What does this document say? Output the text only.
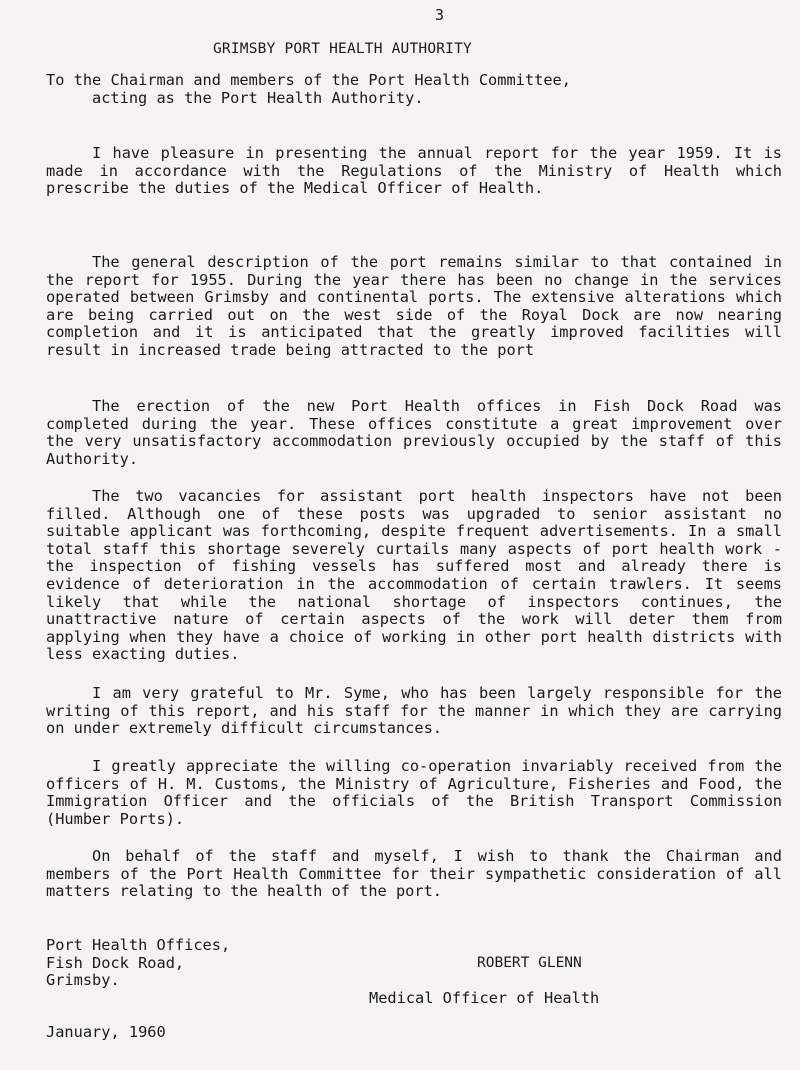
3

GRIMSBY PORT HEALTH AUTHORITY

To the Chairman and members of the Port Health Committee,
acting as the Port Health Authority.

I have pleasure in presenting the annual report for the year 1959. It is made in accordance with the Regulations of the Ministry of Health which prescribe the duties of the Medical Officer of Health.

The general description of the port remains similar to that contained in the report for 1955. During the year there has been no change in the services operated between Grimsby and continental ports. The extensive alterations which are being carried out on the west side of the Royal Dock are now nearing completion and it is anticipated that the greatly improved facilities will result in increased trade being attracted to the port

The erection of the new Port Health offices in Fish Dock Road was completed during the year. These offices constitute a great improvement over the very unsatisfactory accommodation previously occupied by the staff of this Authority.

The two vacancies for assistant port health inspectors have not been filled. Although one of these posts was upgraded to senior assistant no suitable applicant was forthcoming, despite frequent advertisements. In a small total staff this shortage severely curtails many aspects of port health work - the inspection of fishing vessels has suffered most and already there is evidence of deterioration in the accommodation of certain trawlers. It seems likely that while the national shortage of inspectors continues, the unattractive nature of certain aspects of the work will deter them from applying when they have a choice of working in other port health districts with less exacting duties.

I am very grateful to Mr. Syme, who has been largely responsible for the writing of this report, and his staff for the manner in which they are carrying on under extremely difficult circumstances.

I greatly appreciate the willing co-operation invariably received from the officers of H. M. Customs, the Ministry of Agriculture, Fisheries and Food, the Immigration Officer and the officials of the British Transport Commission (Humber Ports).

On behalf of the staff and myself, I wish to thank the Chairman and members of the Port Health Committee for their sympathetic consideration of all matters relating to the health of the port.

Port Health Offices,
Fish Dock Road,
Grimsby.

January, 1960

ROBERT GLENN

Medical Officer of Health
